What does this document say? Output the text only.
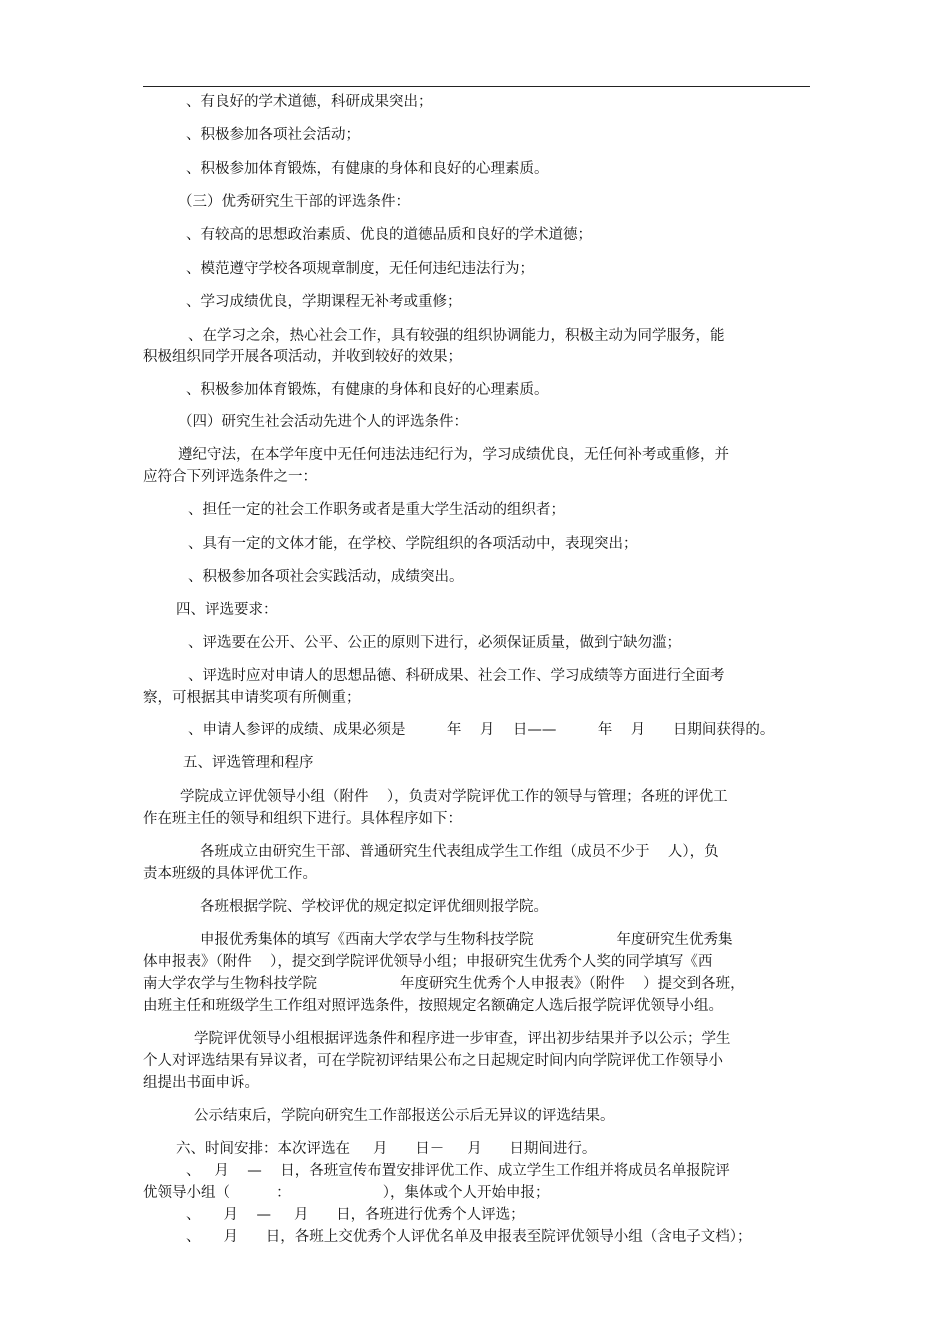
、有良好的学术道德，科研成果突出；
、积极参加各项社会活动；
、积极参加体育锻炼，有健康的身体和良好的心理素质。
（三）优秀研究生干部的评选条件：
、有较高的思想政治素质、优良的道德品质和良好的学术道德；
、模范遵守学校各项规章制度，无任何违纪违法行为；
、学习成绩优良，学期课程无补考或重修；
、在学习之余，热心社会工作，具有较强的组织协调能力，积极主动为同学服务，能
积极组织同学开展各项活动，并收到较好的效果；
、积极参加体育锻炼，有健康的身体和良好的心理素质。
（四）研究生社会活动先进个人的评选条件：
遵纪守法，在本学年度中无任何违法违纪行为，学习成绩优良，无任何补考或重修，并
应符合下列评选条件之一：
、担任一定的社会工作职务或者是重大学生活动的组织者；
、具有一定的文体才能，在学校、学院组织的各项活动中，表现突出；
、积极参加各项社会实践活动，成绩突出。
四、评选要求：
、评选要在公开、公平、公正的原则下进行，必须保证质量，做到宁缺勿滥；
、评选时应对申请人的思想品德、科研成果、社会工作、学习成绩等方面进行全面考
察，可根据其申请奖项有所侧重；
、申请人参评的成绩、成果必须是         年    月    日——         年    月      日期间获得的。
五、评选管理和程序
学院成立评优领导小组（附件    ），负责对学院评优工作的领导与管理；各班的评优工
作在班主任的领导和组织下进行。具体程序如下：
各班成立由研究生干部、普通研究生代表组成学生工作组（成员不少于    人），负
责本班级的具体评优工作。
各班根据学院、学校评优的规定拟定评优细则报学院。
申报优秀集体的填写《西南大学农学与生物科技学院                  年度研究生优秀集
体申报表》（附件    ），提交到学院评优领导小组；申报研究生优秀个人奖的同学填写《西
南大学农学与生物科技学院                  年度研究生优秀个人申报表》（附件    ）提交到各班，
由班主任和班级学生工作组对照评选条件，按照规定名额确定人选后报学院评优领导小组。
学院评优领导小组根据评选条件和程序进一步审查，评出初步结果并予以公示；学生
个人对评选结果有异议者，可在学院初评结果公布之日起规定时间内向学院评优工作领导小
组提出书面申诉。
公示结束后，学院向研究生工作部报送公示后无异议的评选结果。
六、时间安排：本次评选在     月      日－     月      日期间进行。
、   月    —    日，各班宣传布置安排评优工作、成立学生工作组并将成员名单报院评
优领导小组（          ：                    ），集体或个人开始申报；
、     月    —     月      日，各班进行优秀个人评选；
、     月      日，各班上交优秀个人评优名单及申报表至院评优领导小组（含电子文档）；
